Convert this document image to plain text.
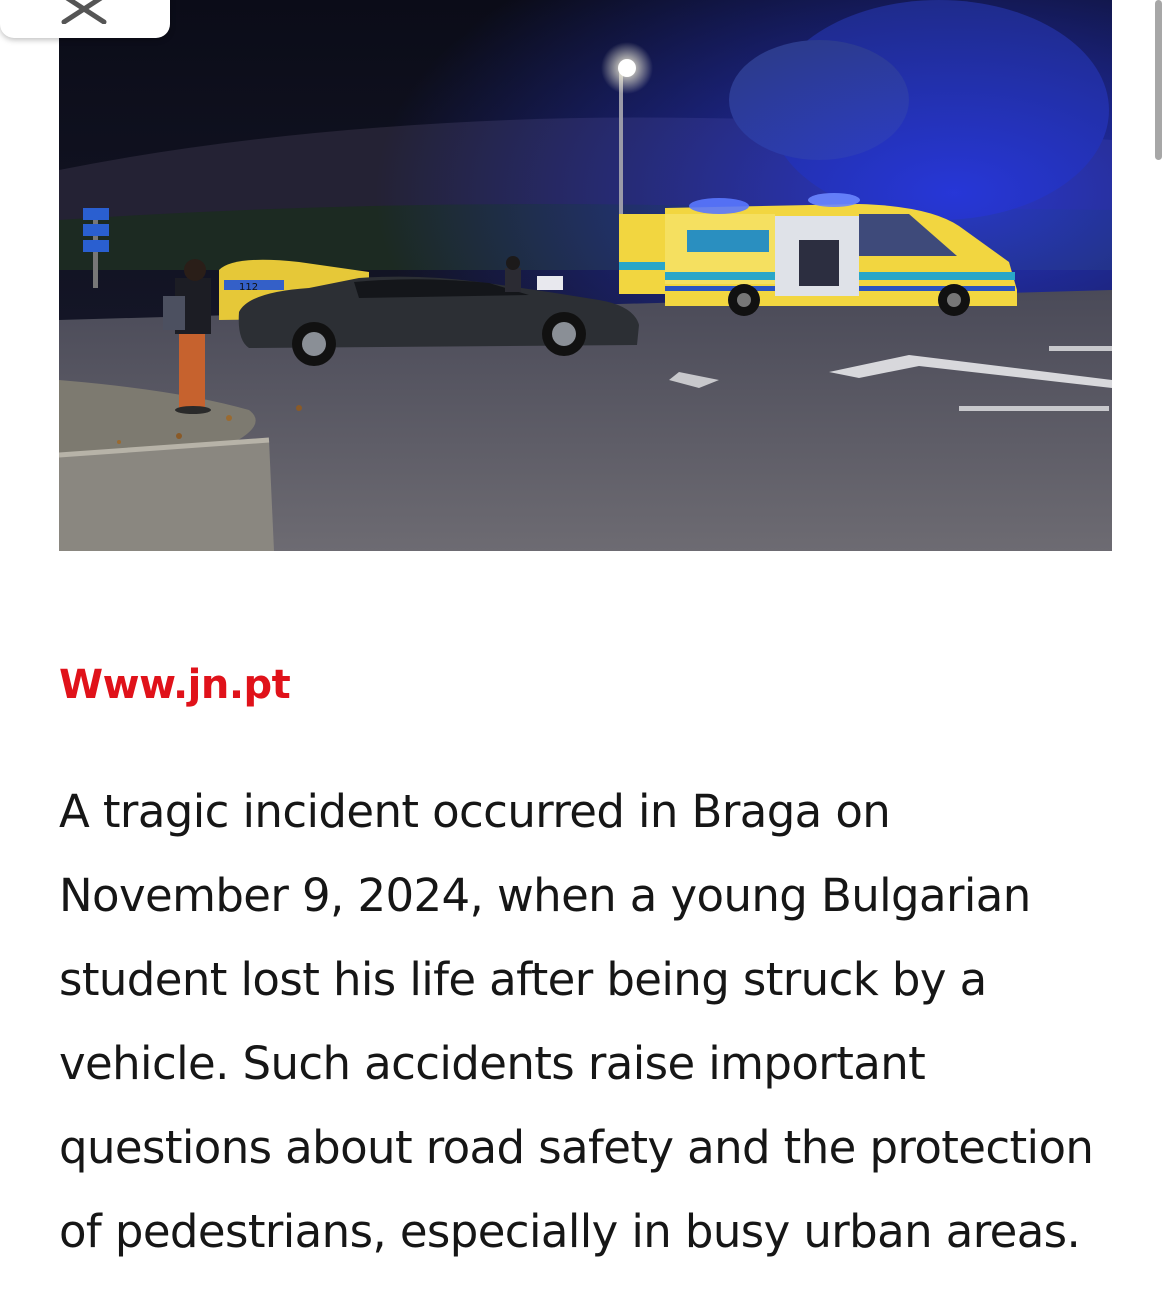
112

Www.jn.pt

A tragic incident occurred in Braga on November 9, 2024, when a young Bulgarian student lost his life after being struck by a vehicle. Such accidents raise important questions about road safety and the protection of pedestrians, especially in busy urban areas.
